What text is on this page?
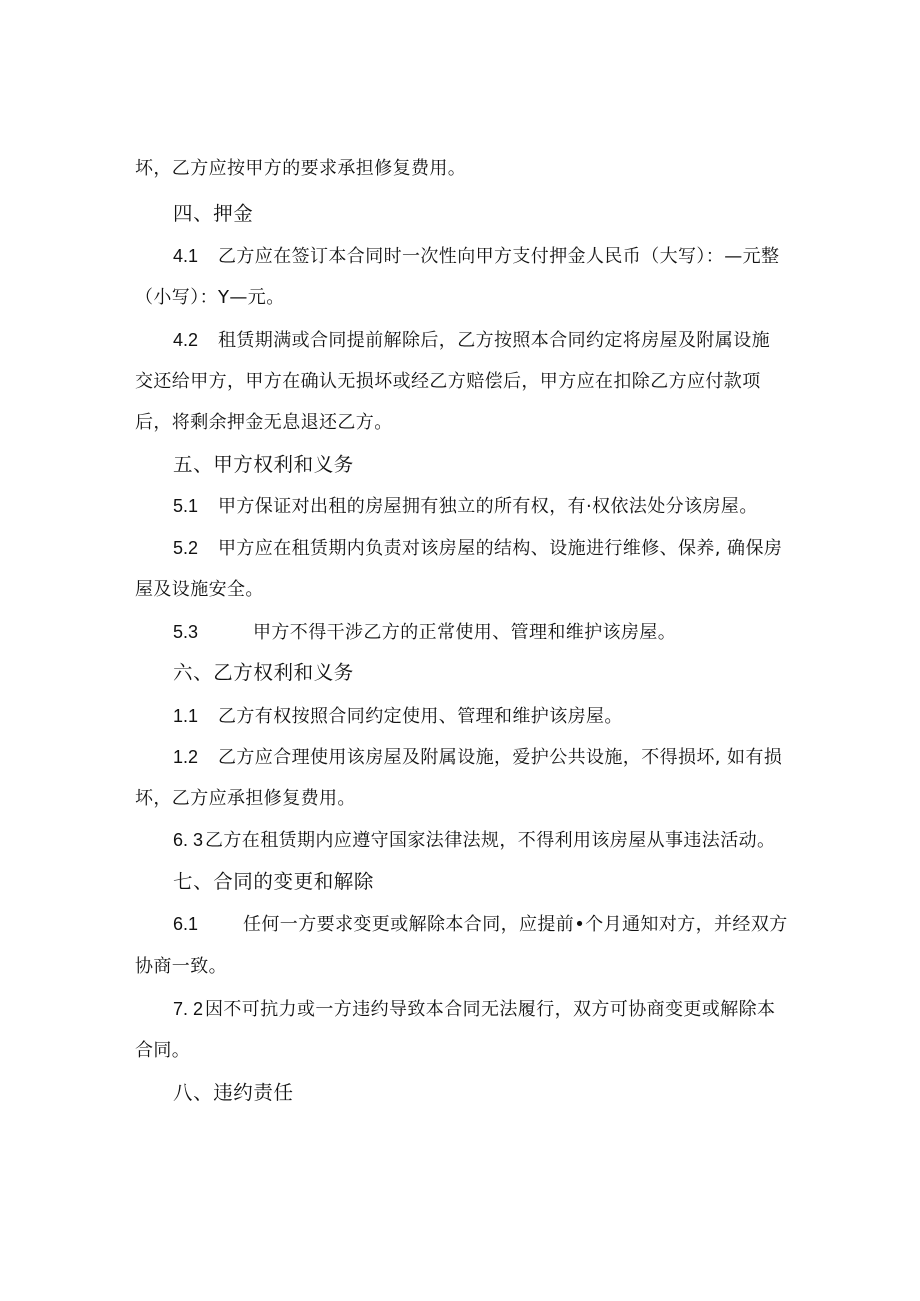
坏，乙方应按甲方的要求承担修复费用。
四、押金
4.1 乙方应在签订本合同时一次性向甲方支付押金人民币（大写）：—元整
（小写）：Y—元。
4.2 租赁期满或合同提前解除后，乙方按照本合同约定将房屋及附属设施
交还给甲方，甲方在确认无损坏或经乙方赔偿后，甲方应在扣除乙方应付款项
后，将剩余押金无息退还乙方。
五、甲方权利和义务
5.1 甲方保证对出租的房屋拥有独立的所有权，有·权依法处分该房屋。
5.2 甲方应在租赁期内负责对该房屋的结构、设施进行维修、保养, 确保房
屋及设施安全。
5.3	甲方不得干涉乙方的正常使用、管理和维护该房屋。
六、乙方权利和义务
1.1 乙方有权按照合同约定使用、管理和维护该房屋。
1.2 乙方应合理使用该房屋及附属设施，爱护公共设施，不得损坏, 如有损
坏，乙方应承担修复费用。
6. 3 乙方在租赁期内应遵守国家法律法规，不得利用该房屋从事违法活动。
七、合同的变更和解除
6.1 任何一方要求变更或解除本合同，应提前•个月通知对方，并经双方
协商一致。
7. 2 因不可抗力或一方违约导致本合同无法履行，双方可协商变更或解除本
合同。
八、违约责任
